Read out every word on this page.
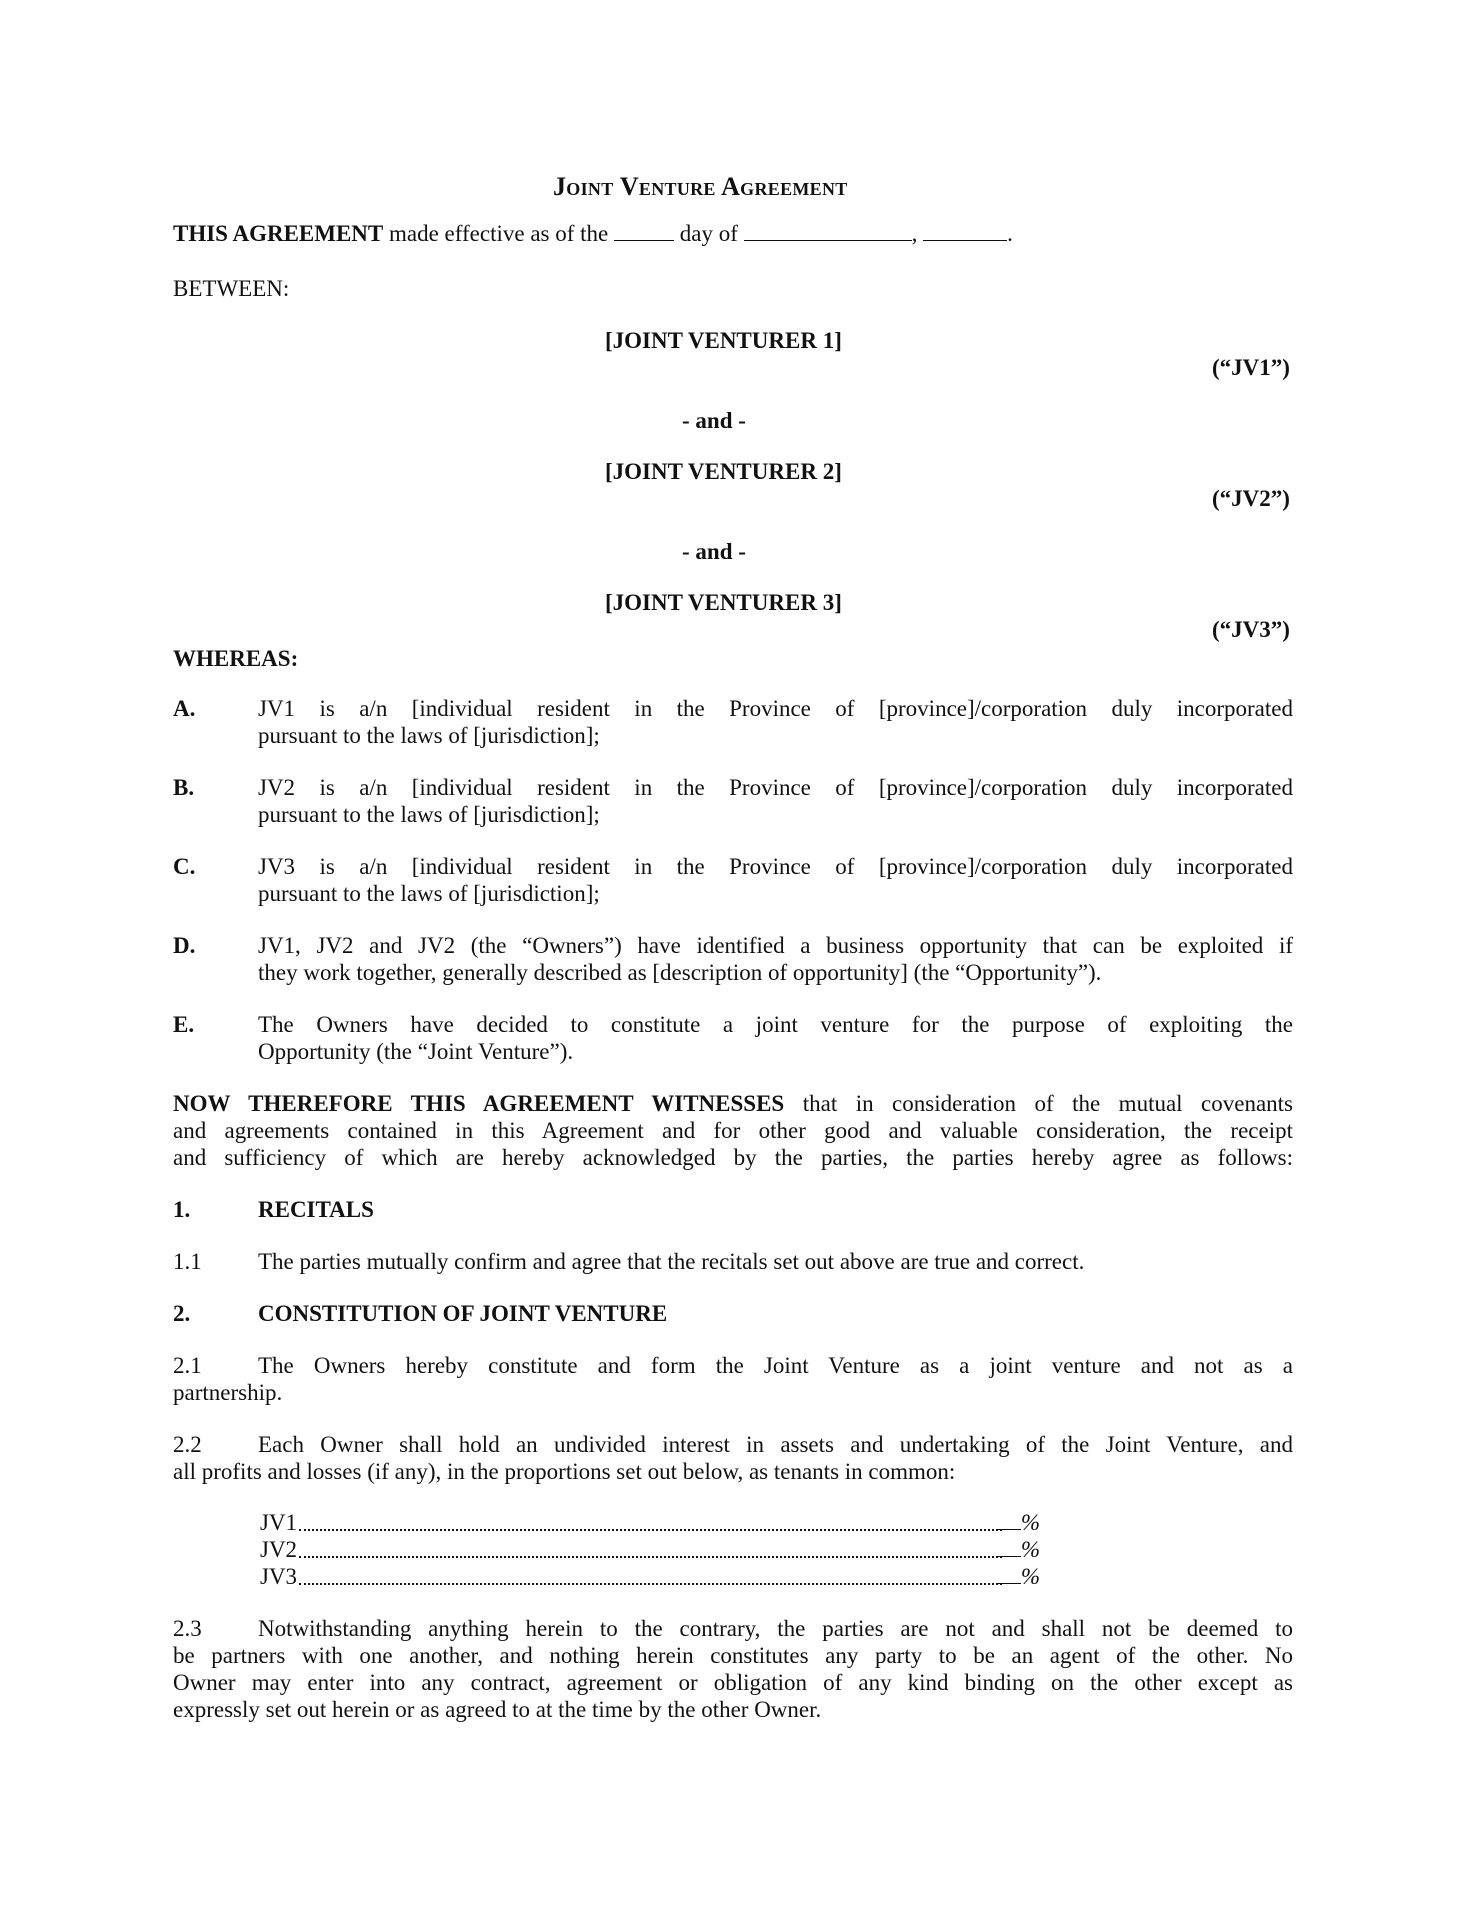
Joint Venture Agreement
THIS AGREEMENT made effective as of the	day of	,	.
BETWEEN:
[JOINT VENTURER 1]
(“JV1”)
- and -
[JOINT VENTURER 2]
(“JV2”)
- and -
[JOINT VENTURER 3]
(“JV3”)
WHEREAS:
A.	JV1 is a/n [individual resident in the Province of [province]/corporation duly incorporated
pursuant to the laws of [jurisdiction];
B.	JV2 is a/n [individual resident in the Province of [province]/corporation duly incorporated
pursuant to the laws of [jurisdiction];
C.	JV3 is a/n [individual resident in the Province of [province]/corporation duly incorporated
pursuant to the laws of [jurisdiction];
D.	JV1, JV2 and JV2 (the “Owners”) have identified a business opportunity that can be exploited if
they work together, generally described as [description of opportunity] (the “Opportunity”).
E.	The Owners have decided to constitute a joint venture for the purpose of exploiting the
Opportunity (the “Joint Venture”).
NOW THEREFORE THIS AGREEMENT WITNESSES that in consideration of the mutual covenants
and agreements contained in this Agreement and for other good and valuable consideration, the receipt
and sufficiency of which are hereby acknowledged by the parties, the parties hereby agree as follows:
1.	RECITALS
1.1 The parties mutually confirm and agree that the recitals set out above are true and correct.
2.	CONSTITUTION OF JOINT VENTURE
2.1 The Owners hereby constitute and form the Joint Venture as a joint venture and not as a
partnership.
2.2 Each Owner shall hold an undivided interest in assets and undertaking of the Joint Venture, and
all profits and losses (if any), in the proportions set out below, as tenants in common:
JV1	%
JV2	%
JV3	%
2.3 Notwithstanding anything herein to the contrary, the parties are not and shall not be deemed to
be partners with one another, and nothing herein constitutes any party to be an agent of the other. No
Owner may enter into any contract, agreement or obligation of any kind binding on the other except as
expressly set out herein or as agreed to at the time by the other Owner.
